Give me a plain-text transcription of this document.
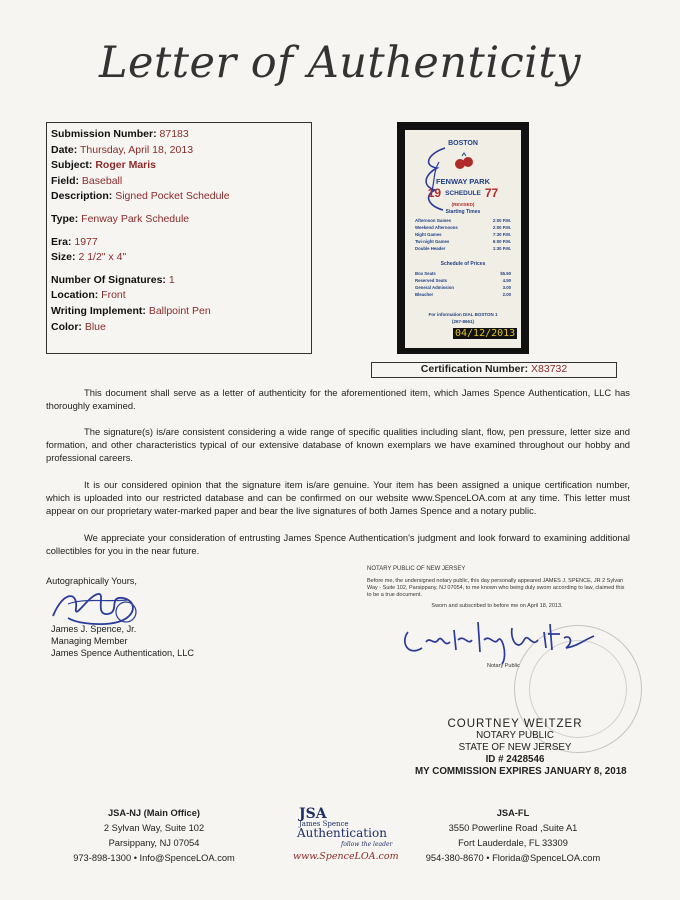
Letter of Authenticity
Submission Number: 87183
Date: Thursday, April 18, 2013
Subject: Roger Maris
Field: Baseball
Description: Signed Pocket Schedule
Type: Fenway Park Schedule
Era: 1977
Size: 2 1/2" x 4"
Number Of Signatures: 1
Location: Front
Writing Implement: Ballpoint Pen
Color: Blue
BOSTON
FENWAY PARK
19 SCHEDULE 77
(REVISED)
Starting Times
Afternoon Games	2:00 P.M.
Weekend Afternoons	2:00 P.M.
Night Games	7:30 P.M.
Twi-night Games	6:00 P.M.
Double Header	1:30 P.M.
Schedule of Prices
Box Seats	$5.50
Reserved Seats	4.50
General Admission	3.00
Bleacher	2.00
For information DIAL BOSTON 1
(267-8661)
04/12/2013
Certification Number: X83732
This document shall serve as a letter of authenticity for the aforementioned item, which James Spence Authentication, LLC has thoroughly examined.
The signature(s) is/are consistent considering a wide range of specific qualities including slant, flow, pen pressure, letter size and formation, and other characteristics typical of our extensive database of known exemplars we have examined throughout our hobby and professional careers.
It is our considered opinion that the signature item is/are genuine. Your item has been assigned a unique certification number, which is uploaded into our restricted database and can be confirmed on our website www.SpenceLOA.com at any time. This letter must appear on our proprietary water-marked paper and bear the live signatures of both James Spence and a notary public.
We appreciate your consideration of entrusting James Spence Authentication's judgment and look forward to examining additional collectibles for you in the near future.
Autographically Yours,
James J. Spence, Jr.
Managing Member
James Spence Authentication, LLC
NOTARY PUBLIC OF NEW JERSEY
Before me, the undersigned notary public, this day personally appeared JAMES J. SPENCE, JR 2 Sylvan Way - Suite 102, Parsippany, NJ 07054, to me known who being duly sworn according to law, claimed this to be a true document.
Sworn and subscribed to before me on April 18, 2013.
Notary Public
COURTNEY WEITZER
NOTARY PUBLIC
STATE OF NEW JERSEY
ID # 2428546
MY COMMISSION EXPIRES JANUARY 8, 2018
JSA-NJ (Main Office)
2 Sylvan Way, Suite 102
Parsippany, NJ 07054
973-898-1300 • Info@SpenceLOA.com
JSA
James Spence
Authentication
follow the leader
www.SpenceLOA.com
JSA-FL
3550 Powerline Road ,Suite A1
Fort Lauderdale, FL 33309
954-380-8670 • Florida@SpenceLOA.com
